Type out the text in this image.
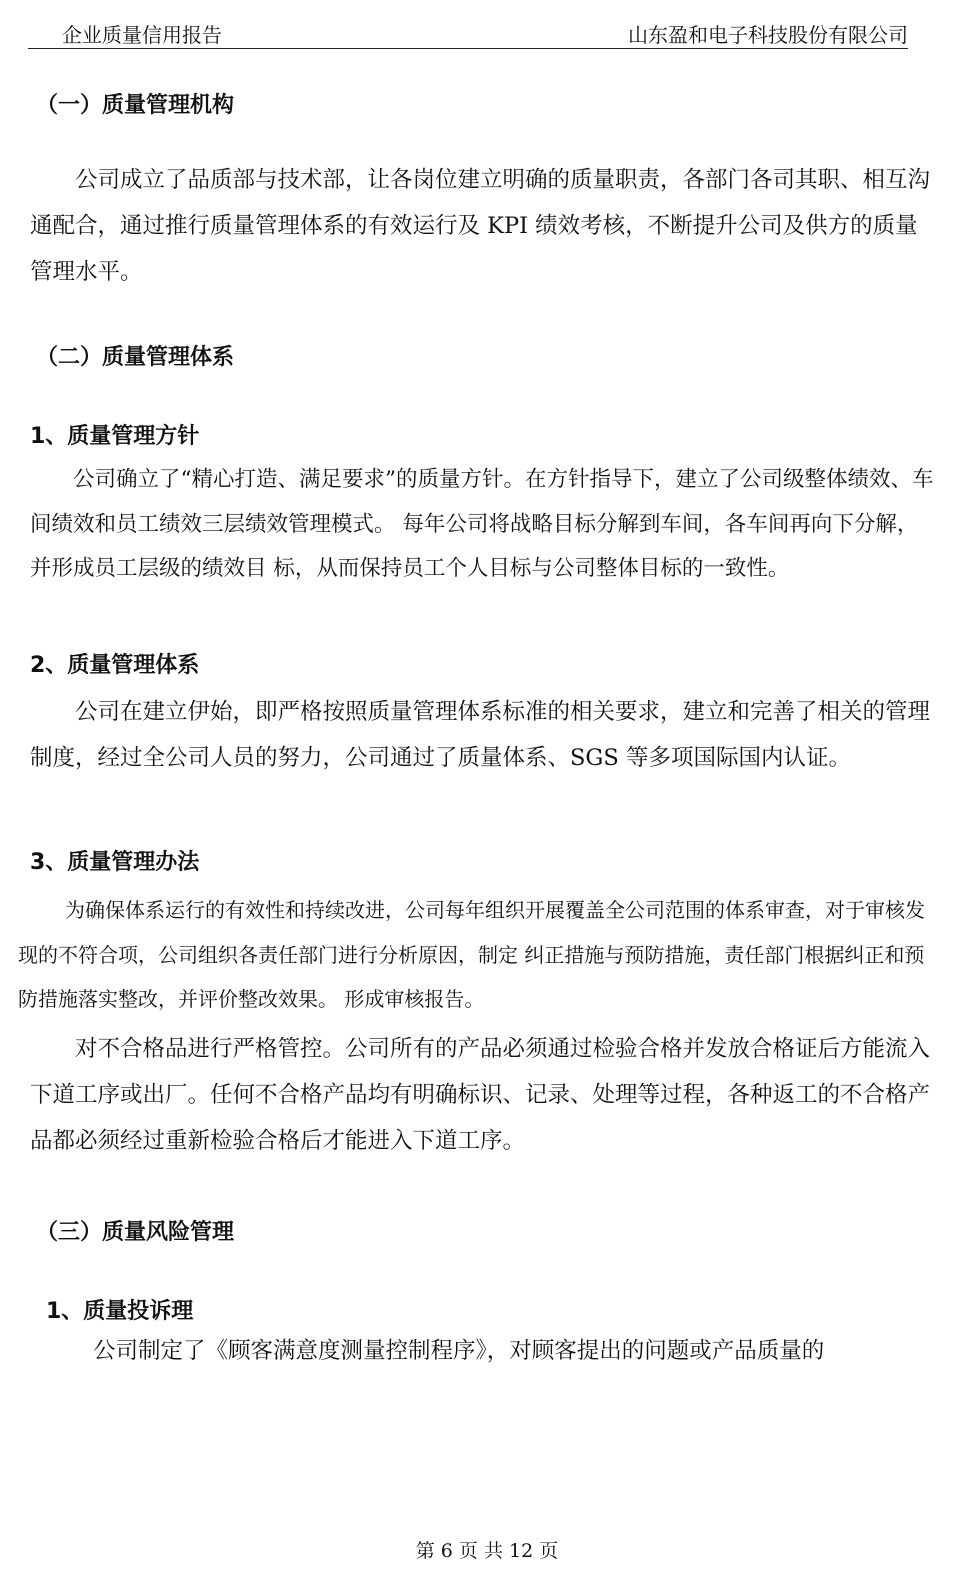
企业质量信用报告	山东盈和电子科技股份有限公司
（一）质量管理机构

公司成立了品质部与技术部，让各岗位建立明确的质量职责，各部门各司其职、相互沟通配合，通过推行质量管理体系的有效运行及 KPI 绩效考核，不断提升公司及供方的质量管理水平。

（二）质量管理体系
1、质量管理方针

公司确立了“精心打造、满足要求”的质量方针。在方针指导下，建立了公司级整体绩效、车间绩效和员工绩效三层绩效管理模式。 每年公司将战略目标分解到车间，各车间再向下分解，并形成员工层级的绩效目 标，从而保持员工个人目标与公司整体目标的一致性。

2、质量管理体系

公司在建立伊始，即严格按照质量管理体系标准的相关要求，建立和完善了相关的管理制度，经过全公司人员的努力，公司通过了质量体系、SGS 等多项国际国内认证。

3、质量管理办法

为确保体系运行的有效性和持续改进，公司每年组织开展覆盖全公司范围的体系审查，对于审核发现的不符合项，公司组织各责任部门进行分析原因，制定 纠正措施与预防措施，责任部门根据纠正和预防措施落实整改，并评价整改效果。 形成审核报告。

对不合格品进行严格管控。公司所有的产品必须通过检验合格并发放合格证后方能流入下道工序或出厂。任何不合格产品均有明确标识、记录、处理等过程，各种返工的不合格产品都必须经过重新检验合格后才能进入下道工序。

（三）质量风险管理
1、质量投诉理

公司制定了《顾客满意度测量控制程序》，对顾客提出的问题或产品质量的

第 6 页 共 12 页
